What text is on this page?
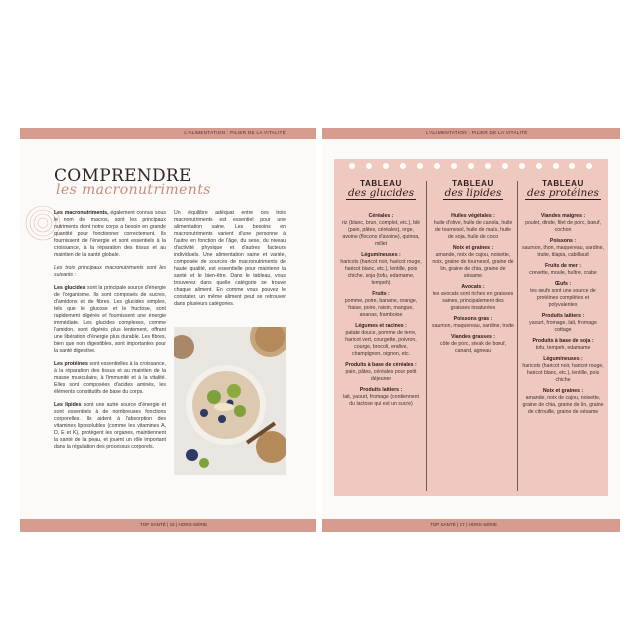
L'ALIMENTATION : PILIER DE LA VITALITÉ
COMPRENDRE
les macronutriments

Les macronutriments, également connus sous le nom de macros, sont les principaux nutriments dont notre corps a besoin en grande quantité pour fonctionner correctement. Ils fournissent de l'énergie et sont essentiels à la croissance, à la réparation des tissus et au maintien de la santé globale.

Les trois principaux macronutriments sont les suivants :

Les glucides sont la principale source d'énergie de l'organisme. Ils sont composés de sucres, d'amidons et de fibres. Les glucides simples, tels que le glucose et le fructose, sont rapidement digérés et fournissent une énergie immédiate. Les glucides complexes, comme l'amidon, sont digérés plus lentement, offrant une libération d'énergie plus durable. Les fibres, bien que non digestibles, sont importantes pour la santé digestive.

Les protéines sont essentielles à la croissance, à la réparation des tissus et au maintien de la masse musculaire, à l'immunité et à la vitalité. Elles sont composées d'acides aminés, les éléments constitutifs de base du corps.

Les lipides sont une autre source d'énergie et sont essentiels à de nombreuses fonctions corporelles. Ils aident à l'absorption des vitamines liposolubles (comme les vitamines A, D, E et K), protègent les organes, maintiennent la santé de la peau, et jouent un rôle important dans la régulation des processus corporels.

Un équilibre adéquat entre ces trois macronutriments est essentiel pour une alimentation saine. Les besoins en macronutriments varient d'une personne à l'autre en fonction de l'âge, du sexe, du niveau d'activité physique et d'autres facteurs individuels. Une alimentation saine et variée, composée de sources de macronutriments de haute qualité, est essentielle pour maintenir la santé et le bien-être. Dans le tableau, vous trouverez dans quelle catégorie se trouve chaque aliment. En comme vous pouvez le constater, un même aliment peut se retrouver dans plusieurs catégories.

TOP SANTÉ | 16 | HORS-SÉRIE
L'ALIMENTATION : PILIER DE LA VITALITÉ
TABLEAU
des glucides
Céréales :
riz (blanc, brun, complet, etc.), blé (pain, pâtes, céréales), orge, avoine (flocons d'avoine), quinoa, millet
Légumineuses :
haricots (haricot noir, haricot rouge, haricot blanc, etc.), lentille, pois chiche, soja (tofu, edamame, tempeh)
Fruits :
pomme, poire, banane, orange, fraise, poire, raisin, mangue, ananas, framboise
Légumes et racines :
patate douce, pomme de terre, haricot vert, courgette, poivron, courge, brocoli, endive, champignon, oignon, etc.
Produits à base de céréales :
pain, pâtes, céréales pour petit déjeuner
Produits laitiers :
lait, yaourt, fromage (contiennent du lactose qui est un sucre)
TABLEAU
des lipides
Huiles végétales :
huile d'olive, huile de canola, huile de tournesol, huile de maïs, huile de soja, huile de coco
Noix et graines :
amande, noix de cajou, noisette, noix, graine de tournesol, graine de lin, graine de chia, graine de sésame
Avocats :
les avocats sont riches en graisses saines, principalement des graisses insaturées
Poissons gras :
saumon, maquereau, sardine, truite
Viandes grasses :
côte de porc, steak de bœuf, canard, agneau
TABLEAU
des protéines
Viandes maigres :
poulet, dinde, filet de porc, bœuf, cochon
Poissons :
saumon, thon, maquereau, sardine, truite, tilapia, cabillaud
Fruits de mer :
crevette, moule, huître, crabe
Œufs :
les œufs sont une source de protéines complètes et polyvalentes
Produits laitiers :
yaourt, fromage, lait, fromage cottage
Produits à base de soja :
tofu, tempeh, edamame
Légumineuses :
haricots (haricot noir, haricot rouge, haricot blanc, etc.), lentille, pois chiche
Noix et graines :
amande, noix de cajou, noisette, graine de chia, graine de lin, graine de citrouille, graine de sésame
TOP SANTÉ | 17 | HORS-SÉRIE
